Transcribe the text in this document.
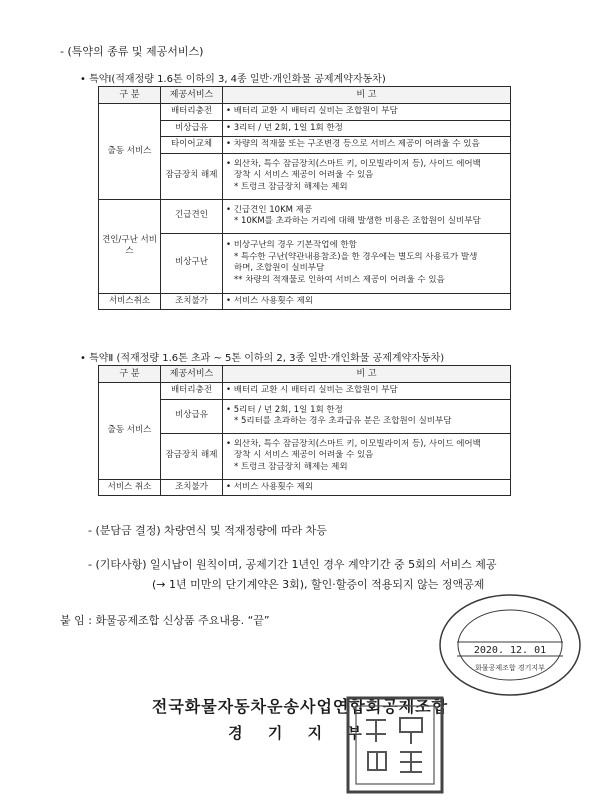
- (특약의 종류 및 제공서비스)
• 특약Ⅰ(적재정량 1.6톤 이하의 3, 4종 일반·개인화물 공제계약자동차)
구 분	제공서비스	비 고
출동 서비스	배터리충전	• 배터리 교환 시 배터리 실비는 조합원이 부담

	비상급유	• 3리터 / 년 2회, 1일 1회 한정

	타이어교체	• 차량의 적재물 또는 구조변경 등으로 서비스 제공이 어려울 수 있음

	잠금장치 해제	• 외산차, 특수 잠금장치(스마트 키, 이모빌라이저 등), 사이드 에어백
장착 시 서비스 제공이 어려울 수 있음
* 트렁크 잠금장치 해제는 제외

견인/구난 서비스	긴급견인	• 긴급견인 10KM 제공
* 10KM를 초과하는 거리에 대해 발생한 비용은 조합원이 실비부담

	비상구난	• 비상구난의 경우 기본작업에 한함
* 특수한 구난(약관내용참조)을 한 경우에는 별도의 사용료가 발생
하며, 조합원이 실비부담
** 차량의 적재물로 인하여 서비스 제공이 어려울 수 있음

서비스취소	조치불가	• 서비스 사용횟수 제외
• 특약Ⅱ (적재정량 1.6톤 초과 ~ 5톤 이하의 2, 3종 일반·개인화물 공제계약자동차)
구 분	제공서비스	비 고
출동 서비스	배터리충전	• 배터리 교환 시 배터리 실비는 조합원이 부담

	비상급유	• 5리터 / 년 2회, 1일 1회 한정
* 5리터를 초과하는 경우 초과급유 분은 조합원이 실비부담

	잠금장치 해제	• 외산차, 특수 잠금장치(스마트 키, 이모빌라이저 등), 사이드 에어백
장착 시 서비스 제공이 어려울 수 있음
* 트렁크 잠금장치 해제는 제외

서비스 취소	조치불가	• 서비스 사용횟수 제외
- (분담금 결정) 차량연식 및 적재정량에 따라 차등
- (기타사항) 일시납이 원칙이며, 공제기간 1년인 경우 계약기간 중 5회의 서비스 제공
(→ 1년 미만의 단기계약은 3회), 할인·할증이 적용되지 않는 정액공제
붙 임 : 화물공제조합 신상품 주요내용. “끝”
전국화물자동차운송사업연합회공제조합
경 기 지 부
2020. 12. 01
화물공제조합 경기지부
